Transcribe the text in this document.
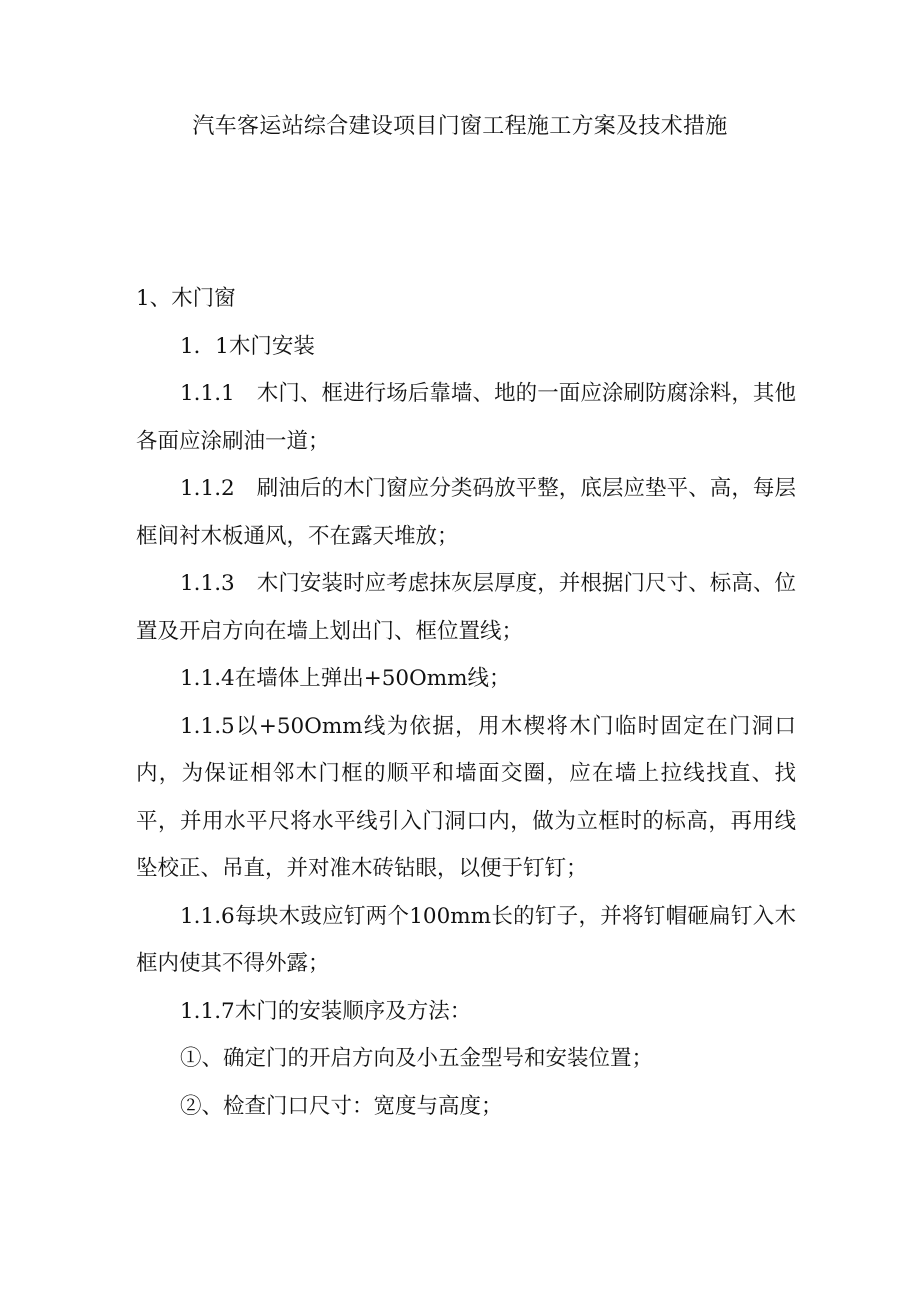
汽车客运站综合建设项目门窗工程施工方案及技术措施

1、木门窗

1．1木门安装

1.1.1 木门、框进行场后靠墙、地的一面应涂刷防腐涂料，其他各面应涂刷油一道；

1.1.2 刷油后的木门窗应分类码放平整，底层应垫平、高，每层框间衬木板通风，不在露天堆放；

1.1.3 木门安装时应考虑抹灰层厚度，并根据门尺寸、标高、位置及开启方向在墙上划出门、框位置线；

1.1.4在墙体上弹出+50Omm线；

1.1.5以+50Omm线为依据，用木楔将木门临时固定在门洞口内，为保证相邻木门框的顺平和墙面交圈，应在墙上拉线找直、找平，并用水平尺将水平线引入门洞口内，做为立框时的标高，再用线坠校正、吊直，并对准木砖钻眼，以便于钉钉；

1.1.6每块木豉应钉两个100mm长的钉子，并将钉帽砸扁钉入木框内使其不得外露；

1.1.7木门的安装顺序及方法：

①、确定门的开启方向及小五金型号和安装位置；

②、检查门口尺寸：宽度与高度；
